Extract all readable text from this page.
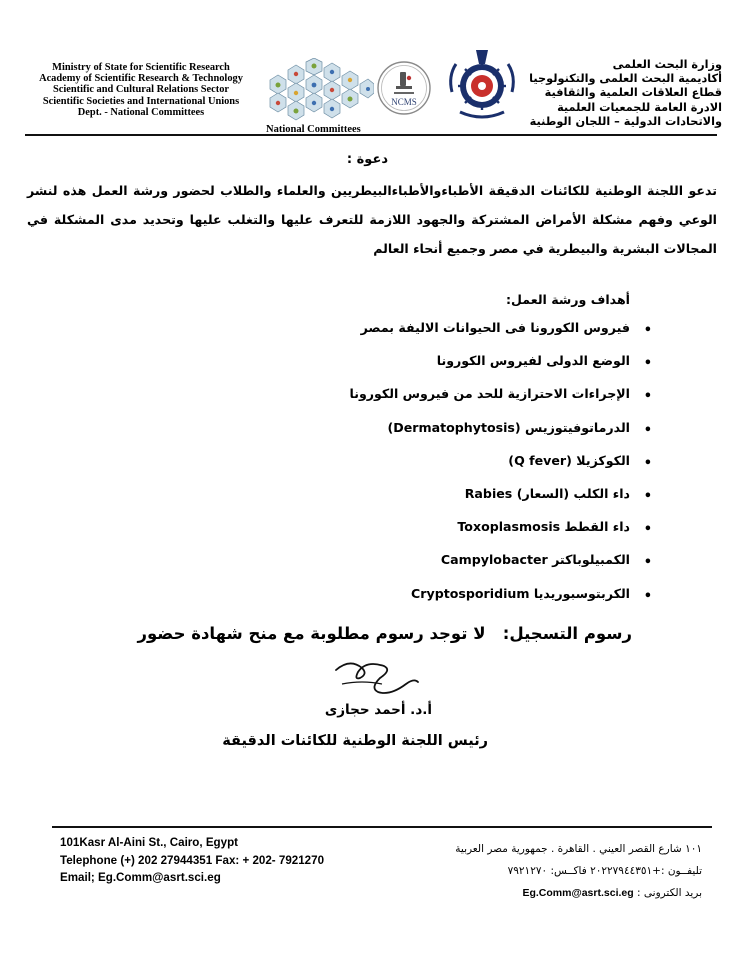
Ministry of State for Scientific Research
Academy of Scientific Research & Technology
Scientific and Cultural Relations Sector
Scientific Societies and International Unions
Dept. - National Committees
NCMS
وزارة البحث العلمى
أكاديمية البحث العلمى والتكنولوجيا
قطاع العلاقات العلمية والثقافية
الادرة العامة للجمعيات العلمية
والاتحادات الدولية – اللجان الوطنية
National Committees
دعوة :
تدعو اللجنة الوطنية للكائنات الدقيقة الأطباءوالأطباءالبيطريين والعلماء والطلاب لحضور ورشة العمل هذه لنشر الوعي وفهم مشكلة الأمراض المشتركة والجهود اللازمة للتعرف عليها والتغلب عليها وتحديد مدى المشكلة في المجالات البشرية والبيطرية في مصر وجميع أنحاء العالم
أهداف ورشة العمل:
•
فيروس الكورونا فى الحيوانات الاليفة بمصر
•
الوضع الدولى لفيروس الكورونا
•
الإجراءات الاحترازية للحد من فيروس الكورونا
•
الدرماتوفيتوزيس (Dermatophytosis)
•
الكوكزيلا (Q fever)
•
داء الكلب (السعار) Rabies
•
داء القطط Toxoplasmosis
•
الكمبيلوباكتر Campylobacter
•
الكربتوسبوريديا Cryptosporidium
رسوم التسجيل:   لا توجد رسوم مطلوبة مع منح شهادة حضور
أ.د. أحمد حجازى
رئيس اللجنة الوطنية للكائنات الدقيقة
101Kasr Al-Aini St., Cairo, Egypt
Telephone (+) 202 27944351 Fax: + 202- 7921270
Email; Eg.Comm@asrt.sci.eg
١٠١ شارع القصر العيني . القاهرة . جمهورية مصر العربية
تليفــون :+٢٠٢٢٧٩٤٤٣٥١ فاكــس: ٧٩٢١٢٧٠
بريد الكترونى : Eg.Comm@asrt.sci.eg
